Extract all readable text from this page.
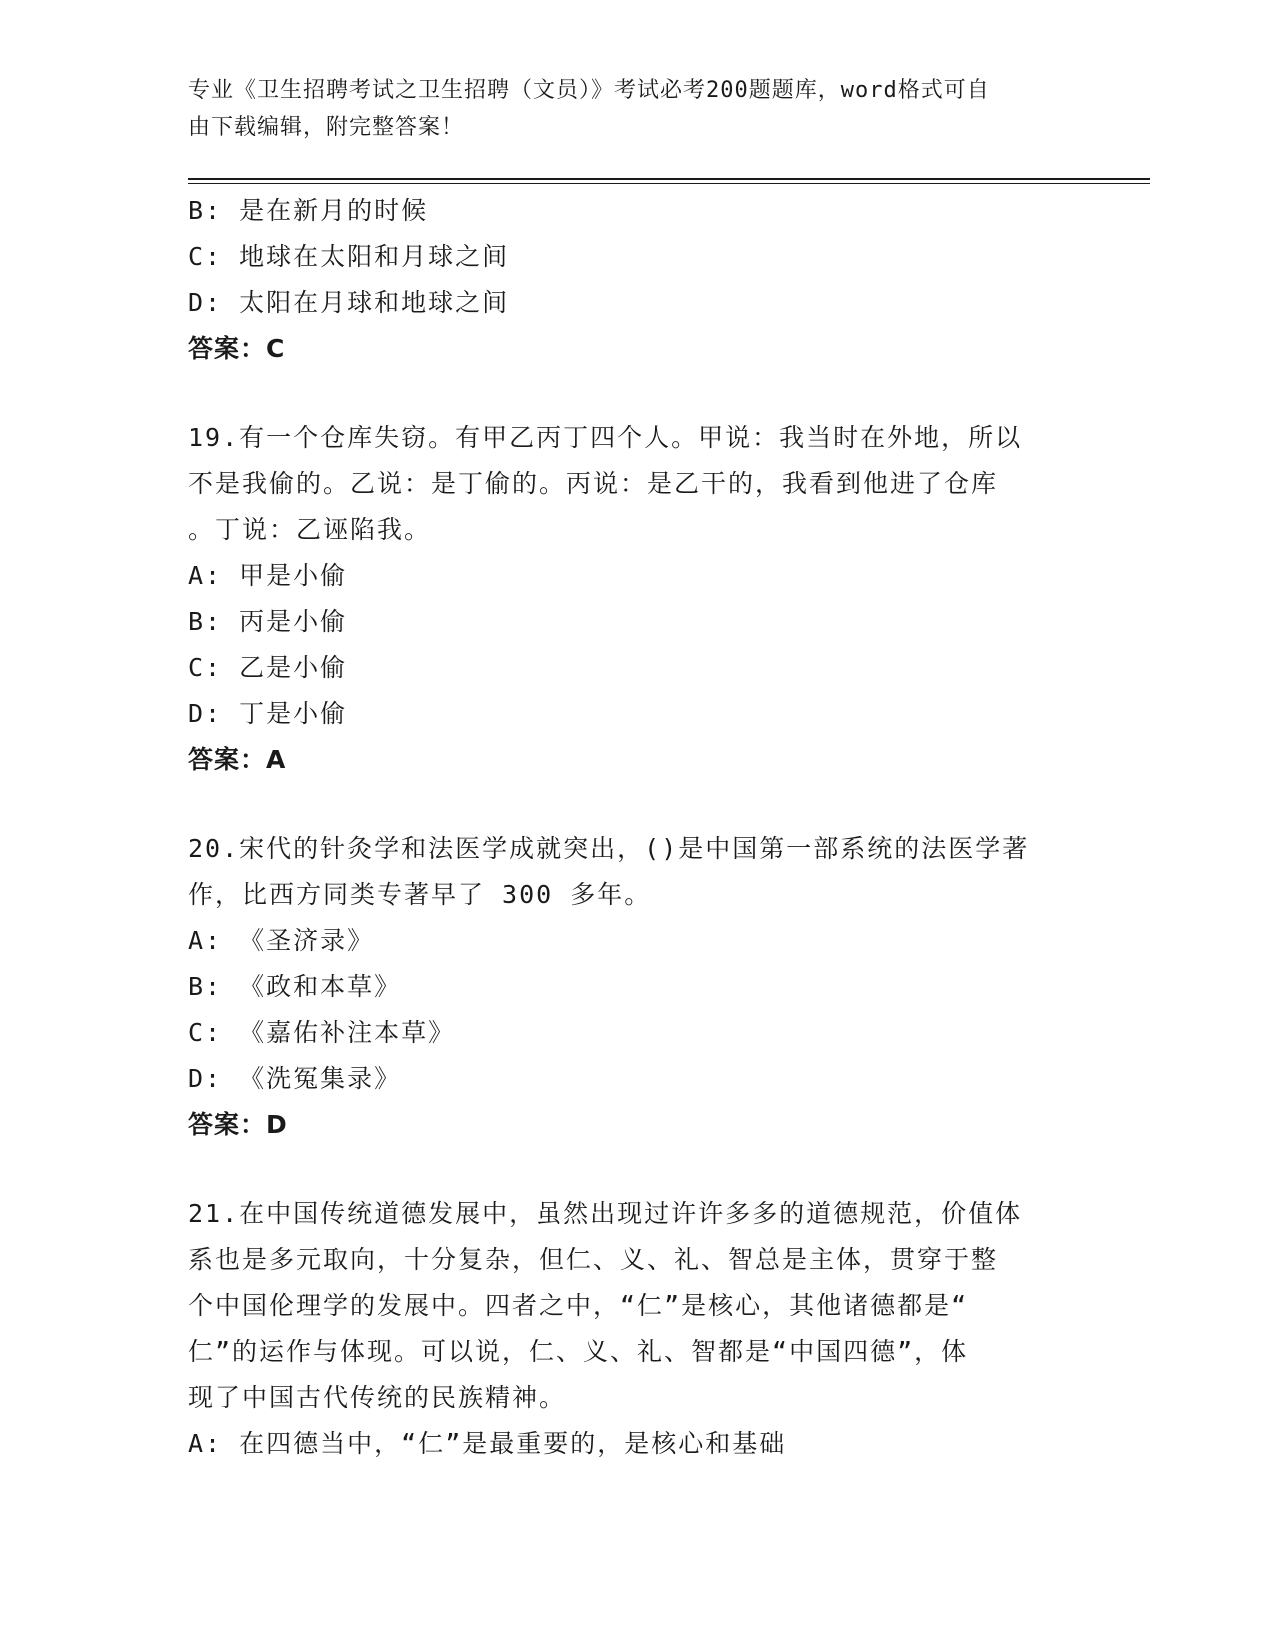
专业《卫生招聘考试之卫生招聘（文员）》考试必考200题题库，word格式可自
由下载编辑，附完整答案！
B: 是在新月的时候
C: 地球在太阳和月球之间
D: 太阳在月球和地球之间
答案：C
19.有一个仓库失窃。有甲乙丙丁四个人。甲说：我当时在外地，所以
不是我偷的。乙说：是丁偷的。丙说：是乙干的，我看到他进了仓库
。丁说：乙诬陷我。
A: 甲是小偷
B: 丙是小偷
C: 乙是小偷
D: 丁是小偷
答案：A
20.宋代的针灸学和法医学成就突出，()是中国第一部系统的法医学著
作，比西方同类专著早了 300 多年。
A: 《圣济录》
B: 《政和本草》
C: 《嘉佑补注本草》
D: 《洗冤集录》
答案：D
21.在中国传统道德发展中，虽然出现过许许多多的道德规范，价值体
系也是多元取向，十分复杂，但仁、义、礼、智总是主体，贯穿于整
个中国伦理学的发展中。四者之中，“仁”是核心，其他诸德都是“
仁”的运作与体现。可以说，仁、义、礼、智都是“中国四德”，体
现了中国古代传统的民族精神。
A: 在四德当中，“仁”是最重要的，是核心和基础
